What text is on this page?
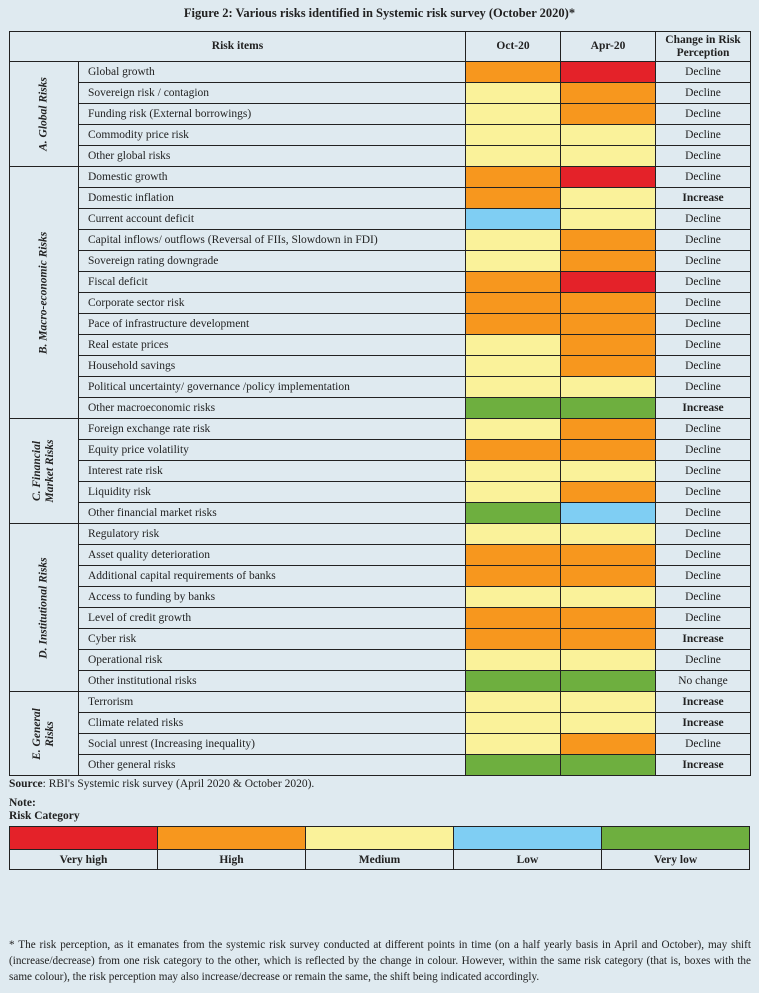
Figure 2: Various risks identified in Systemic risk survey (October 2020)*
Risk items		Oct-20	Apr-20	Change in Risk Perception

A. Global Risks	Global growth			Decline
	Sovereign risk / contagion			Decline
	Funding risk (External borrowings)			Decline
	Commodity price risk			Decline
	Other global risks			Decline

B. Macro-economic Risks	Domestic growth			Decline
	Domestic inflation			Increase
	Current account deficit			Decline
	Capital inflows/ outflows (Reversal of FIIs, Slowdown in FDI)			Decline
	Sovereign rating downgrade			Decline
	Fiscal deficit			Decline
	Corporate sector risk			Decline
	Pace of infrastructure development			Decline
	Real estate prices			Decline
	Household savings			Decline
	Political uncertainty/ governance /policy implementation			Decline
	Other macroeconomic risks			Increase

C. Financial
Market Risks	Foreign exchange rate risk			Decline
	Equity price volatility			Decline
	Interest rate risk			Decline
	Liquidity risk			Decline
	Other financial market risks			Decline

D. Institutional Risks	Regulatory risk			Decline
	Asset quality deterioration			Decline
	Additional capital requirements of banks			Decline
	Access to funding by banks			Decline
	Level of credit growth			Decline
	Cyber risk			Increase
	Operational risk			Decline
	Other institutional risks			No change

E. General
Risks	Terrorism			Increase
	Climate related risks			Increase
	Social unrest (Increasing inequality)			Decline
	Other general risks			Increase
Source: RBI's Systemic risk survey (April 2020 & October 2020).
Note:
Risk Category

Very high	High	Medium	Low	Very low
* The risk perception, as it emanates from the systemic risk survey conducted at different points in time (on a half yearly basis in April and October), may shift (increase/decrease) from one risk category to the other, which is reflected by the change in colour. However, within the same risk category (that is, boxes with the same colour), the risk perception may also increase/decrease or remain the same, the shift being indicated accordingly.
